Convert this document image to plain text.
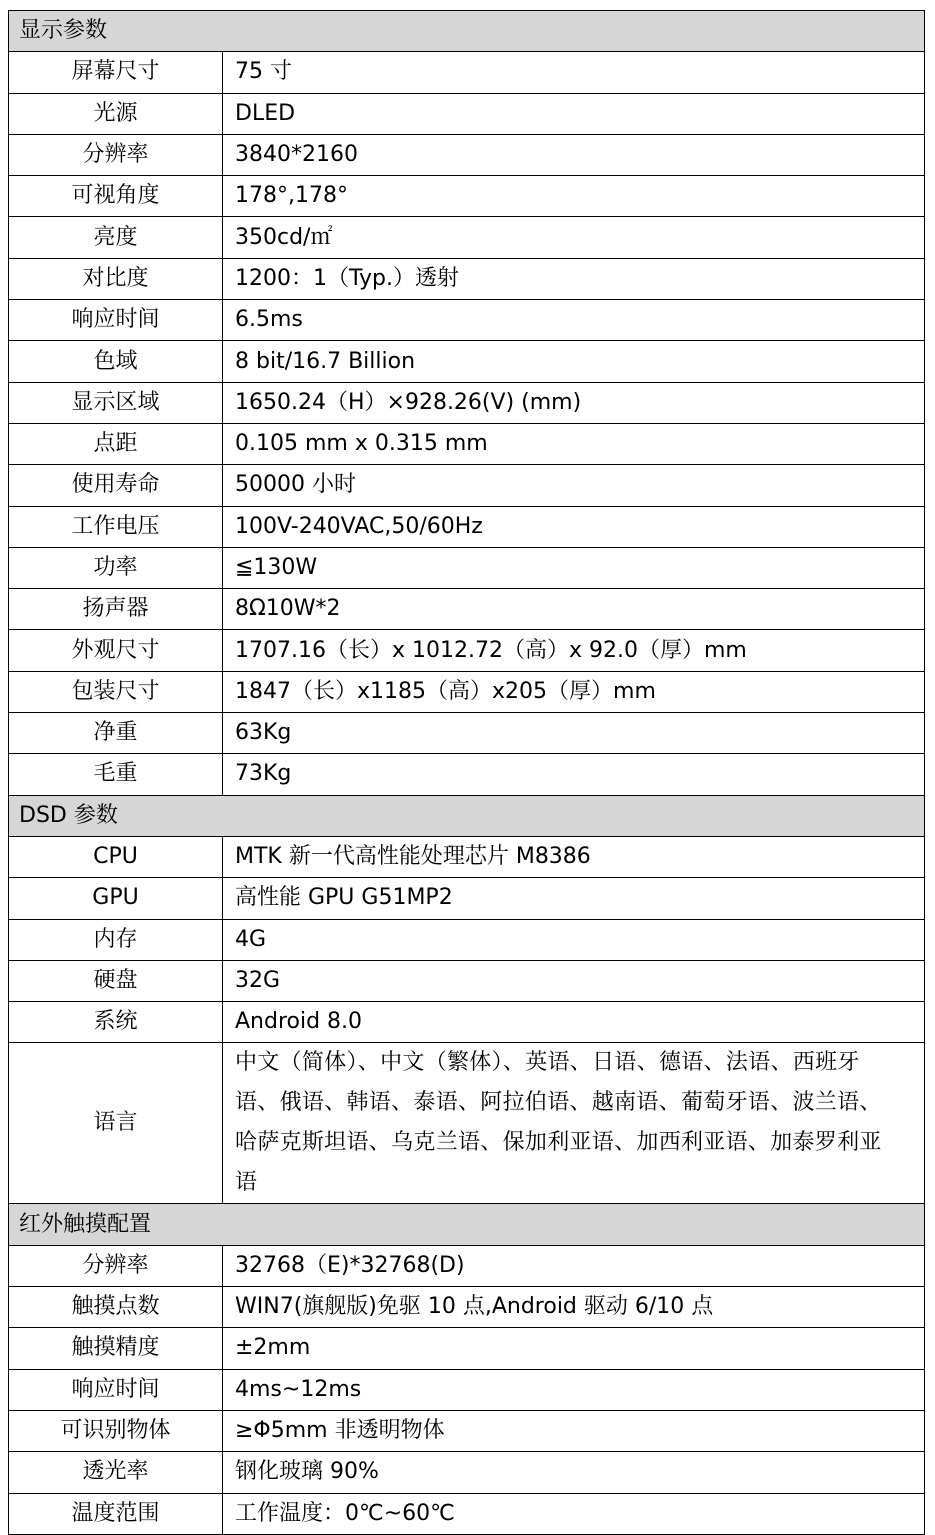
显示参数	
屏幕尺寸	75 寸
光源	DLED
分辨率	3840*2160
可视角度	178°,178°
亮度	350cd/㎡
对比度	1200：1（Typ.）透射
响应时间	6.5ms
色域	8 bit/16.7 Billion
显示区域	1650.24（H）×928.26(V) (mm)
点距	0.105 mm x 0.315 mm
使用寿命	50000 小时
工作电压	100V-240VAC,50/60Hz
功率	≦130W
扬声器	8Ω10W*2
外观尺寸	1707.16（长）x 1012.72（高）x 92.0（厚）mm
包装尺寸	1847（长）x1185（高）x205（厚）mm
净重	63Kg
毛重	73Kg
DSD 参数	
CPU	MTK 新一代高性能处理芯片 M8386
GPU	高性能 GPU G51MP2
内存	4G
硬盘	32G
系统	Android 8.0
语言	中文（简体）、中文（繁体）、英语、日语、德语、法语、西班牙语、俄语、韩语、泰语、阿拉伯语、越南语、葡萄牙语、波兰语、哈萨克斯坦语、乌克兰语、保加利亚语、加西利亚语、加泰罗利亚语
红外触摸配置	
分辨率	32768（E)*32768(D)
触摸点数	WIN7(旗舰版)免驱 10 点,Android 驱动 6/10 点
触摸精度	±2mm
响应时间	4ms~12ms
可识别物体	≥Φ5mm 非透明物体
透光率	钢化玻璃 90%
温度范围	工作温度：0℃~60℃
